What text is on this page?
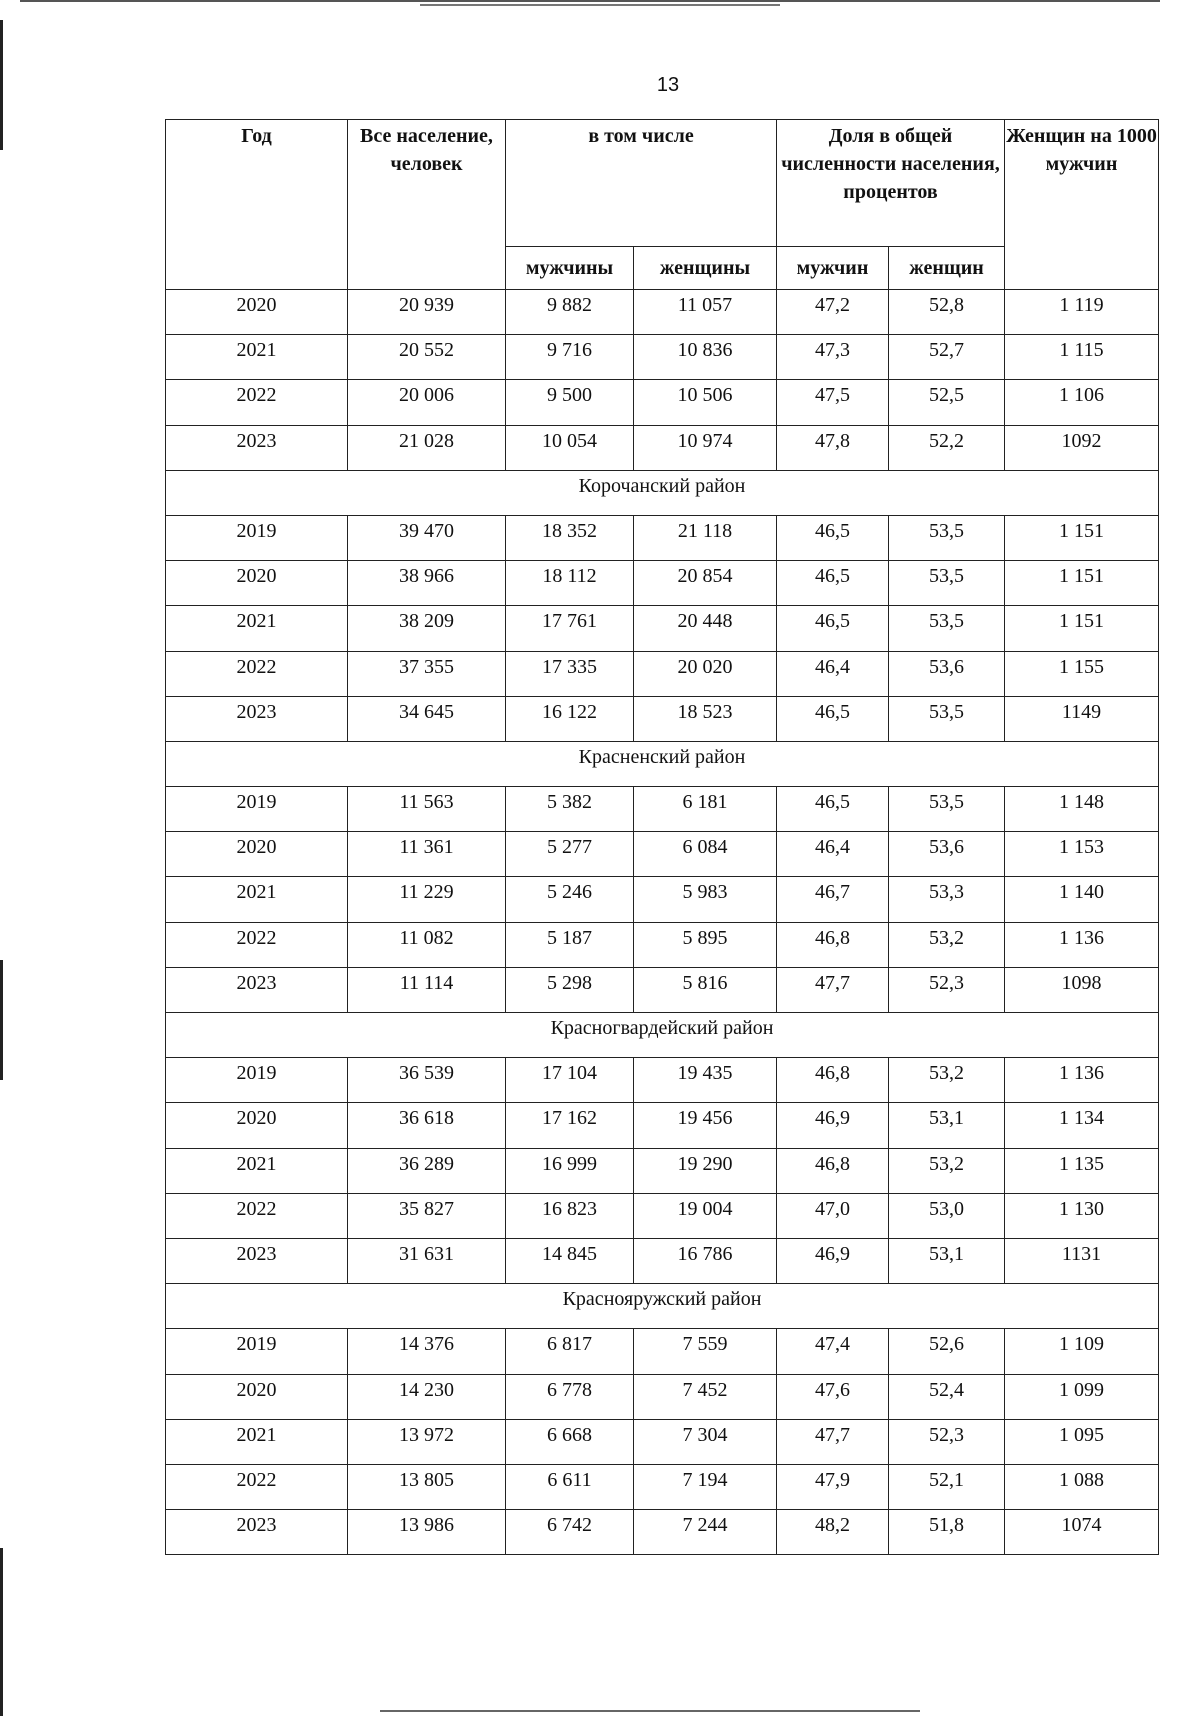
13
Год	Все население, человек	в том числе		Доля в общей численности населения, процентов		Женщин на 1000 мужчин
		мужчины	женщины	мужчин	женщин	
2020	20 939	9 882	11 057	47,2	52,8	1 119
2021	20 552	9 716	10 836	47,3	52,7	1 115
2022	20 006	9 500	10 506	47,5	52,5	1 106
2023	21 028	10 054	10 974	47,8	52,2	1092
Корочанский район						
2019	39 470	18 352	21 118	46,5	53,5	1 151
2020	38 966	18 112	20 854	46,5	53,5	1 151
2021	38 209	17 761	20 448	46,5	53,5	1 151
2022	37 355	17 335	20 020	46,4	53,6	1 155
2023	34 645	16 122	18 523	46,5	53,5	1149
Красненский район						
2019	11 563	5 382	6 181	46,5	53,5	1 148
2020	11 361	5 277	6 084	46,4	53,6	1 153
2021	11 229	5 246	5 983	46,7	53,3	1 140
2022	11 082	5 187	5 895	46,8	53,2	1 136
2023	11 114	5 298	5 816	47,7	52,3	1098
Красногвардейский район						
2019	36 539	17 104	19 435	46,8	53,2	1 136
2020	36 618	17 162	19 456	46,9	53,1	1 134
2021	36 289	16 999	19 290	46,8	53,2	1 135
2022	35 827	16 823	19 004	47,0	53,0	1 130
2023	31 631	14 845	16 786	46,9	53,1	1131
Краснояружский район						
2019	14 376	6 817	7 559	47,4	52,6	1 109
2020	14 230	6 778	7 452	47,6	52,4	1 099
2021	13 972	6 668	7 304	47,7	52,3	1 095
2022	13 805	6 611	7 194	47,9	52,1	1 088
2023	13 986	6 742	7 244	48,2	51,8	1074
